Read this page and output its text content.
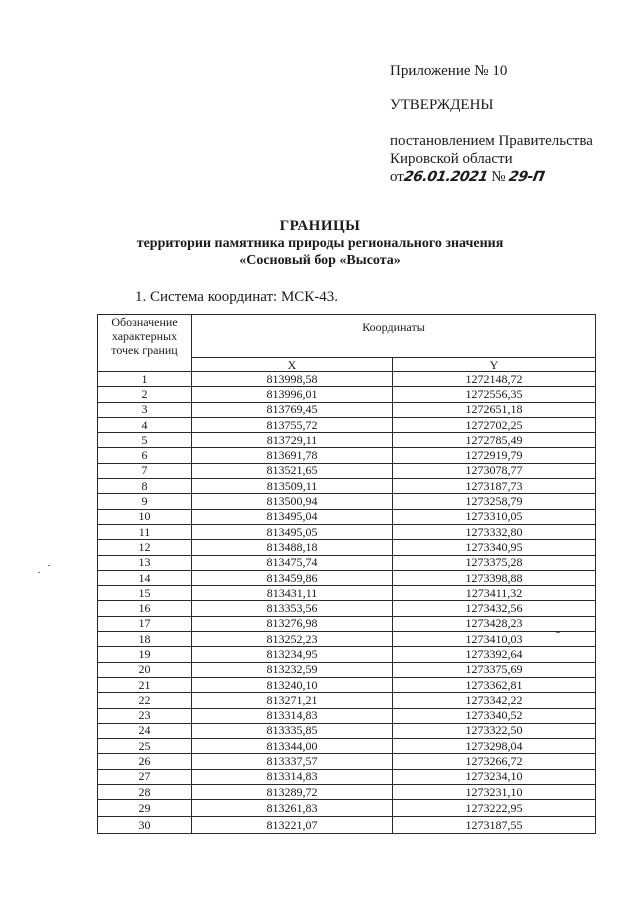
Приложение № 10
УТВЕРЖДЕНЫ
постановлением Правительства
Кировской области
от26.01.2021 № 29-П
ГРАНИЦЫ
территории памятника природы регионального значения
«Сосновый бор «Высота»
1. Система координат: МСК-43.
Обозначение характерных точек границ	Координаты	
	X	Y
1	813998,58	1272148,72
2	813996,01	1272556,35
3	813769,45	1272651,18
4	813755,72	1272702,25
5	813729,11	1272785,49
6	813691,78	1272919,79
7	813521,65	1273078,77
8	813509,11	1273187,73
9	813500,94	1273258,79
10	813495,04	1273310,05
11	813495,05	1273332,80
12	813488,18	1273340,95
13	813475,74	1273375,28
14	813459,86	1273398,88
15	813431,11	1273411,32
16	813353,56	1273432,56
17	813276,98	1273428,23
18	813252,23	1273410,03
19	813234,95	1273392,64
20	813232,59	1273375,69
21	813240,10	1273362,81
22	813271,21	1273342,22
23	813314,83	1273340,52
24	813335,85	1273322,50
25	813344,00	1273298,04
26	813337,57	1273266,72
27	813314,83	1273234,10
28	813289,72	1273231,10
29	813261,83	1273222,95
30	813221,07	1273187,55
